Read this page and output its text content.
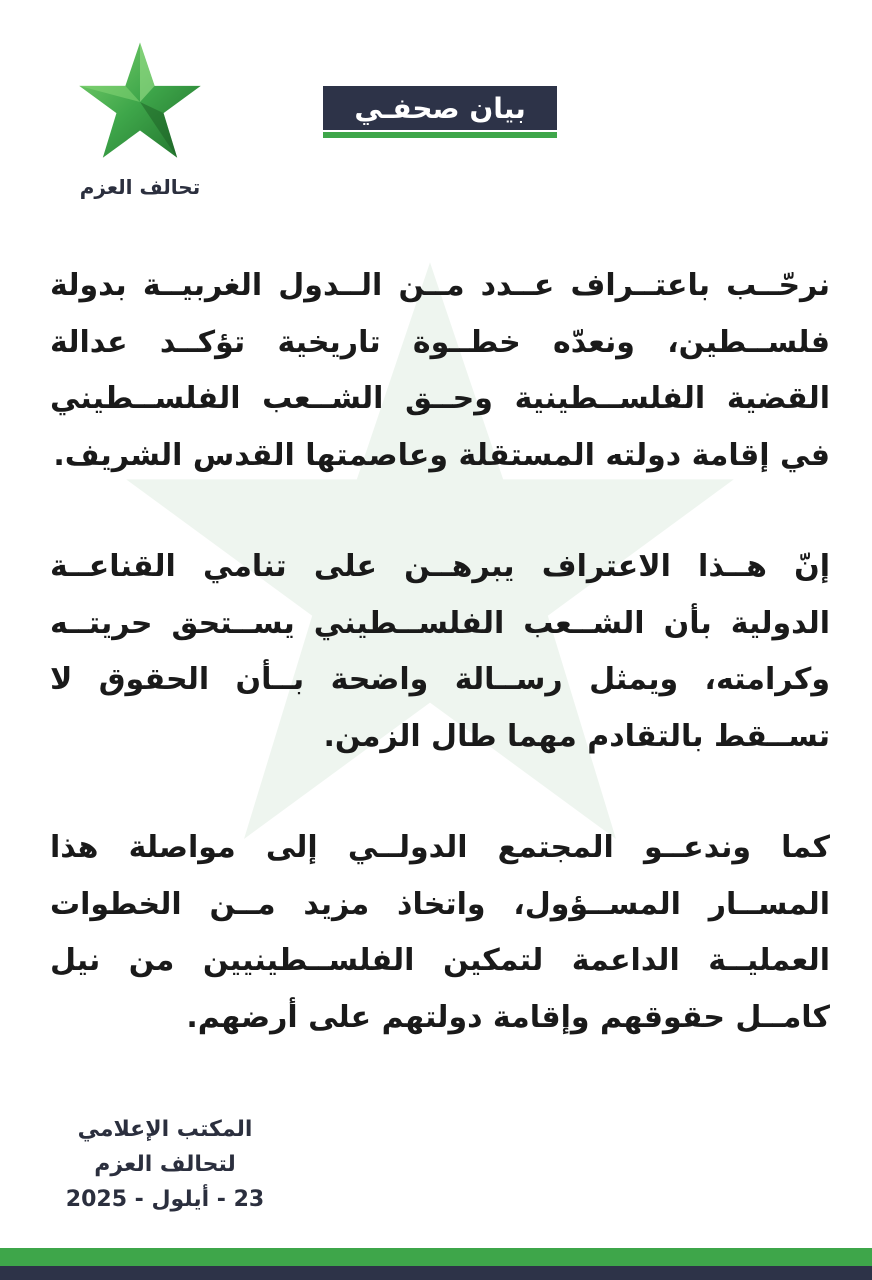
تحالف العزم
بيان صحفـي

نرحّــب باعتــراف عــدد مــن الــدول الغربيــة بدولة فلســطين، ونعدّه خطــوة تاريخية تؤكــد عدالة القضية الفلســطينية وحــق الشــعب الفلســطيني في إقامة دولته المستقلة وعاصمتها القدس الشريف.

إنّ هــذا الاعتراف يبرهــن على تنامي القناعــة الدولية بأن الشــعب الفلســطيني يســتحق حريتــه وكرامته، ويمثل رســالة واضحة بــأن الحقوق لا تســقط بالتقادم مهما طال الزمن.

كما وندعــو المجتمع الدولــي إلى مواصلة هذا المســار المســؤول، واتخاذ مزيد مــن الخطوات العمليــة الداعمة لتمكين الفلســطينيين من نيل كامــل حقوقهم وإقامة دولتهم على أرضهم.

المكتب الإعلامي
لتحالف العزم
23 - أيلول - 2025
